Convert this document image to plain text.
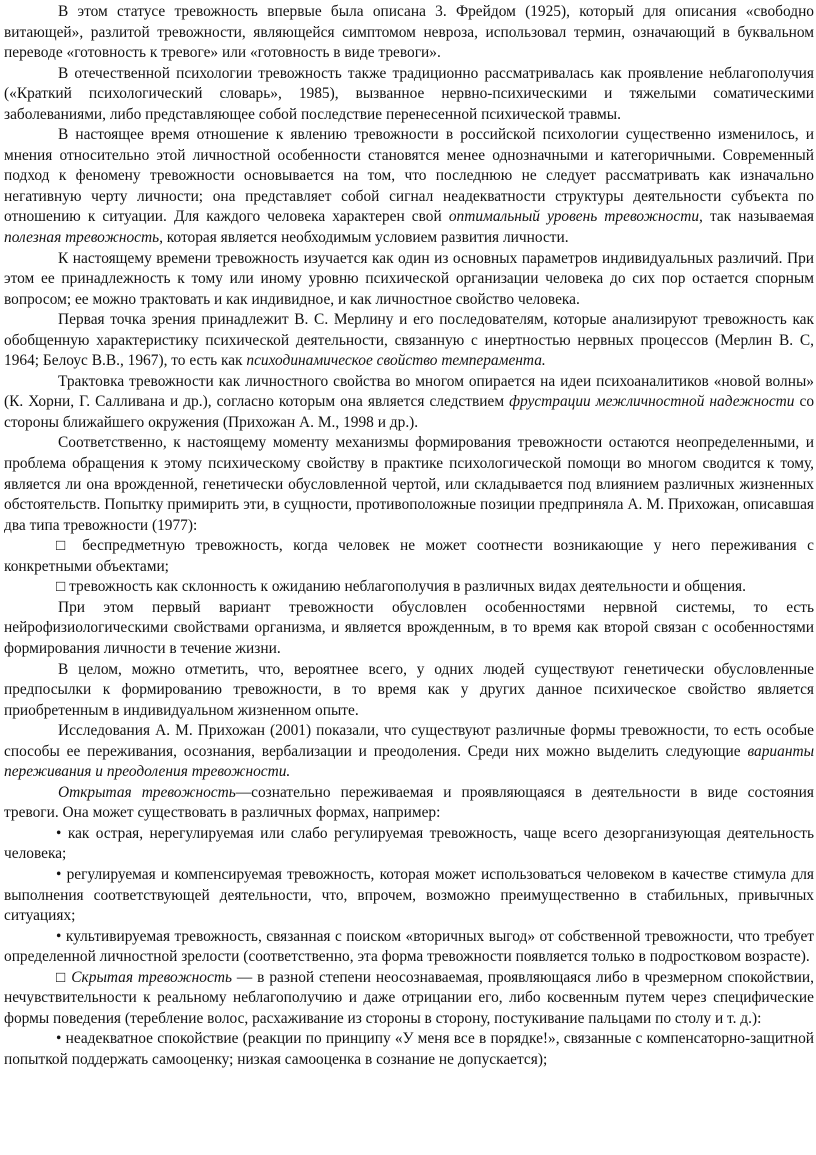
В этом статусе тревожность впервые была описана 3. Фрейдом (1925), который для описания «свободно витающей», разлитой тревожности, являющейся симптомом невроза, использовал термин, означающий в буквальном переводе «готовность к тревоге» или «готовность в виде тревоги».

В отечественной психологии тревожность также традиционно рассматривалась как проявление неблагополучия («Краткий психологический словарь», 1985), вызванное нервно-психическими и тяжелыми соматическими заболеваниями, либо представляющее собой последствие перенесенной психической травмы.

В настоящее время отношение к явлению тревожности в российской психологии существенно изменилось, и мнения относительно этой личностной особенности становятся менее однозначными и категоричными. Современный подход к феномену тревожности основывается на том, что последнюю не следует рассматривать как изначально негативную черту личности; она представляет собой сигнал неадекватности структуры деятельности субъекта по отношению к ситуации. Для каждого человека характерен свой оптимальный уровень тревожности, так называемая полезная тревожность, которая является необходимым условием развития личности.

К настоящему времени тревожность изучается как один из основных параметров индивидуальных различий. При этом ее принадлежность к тому или иному уровню психической организации человека до сих пор остается спорным вопросом; ее можно трактовать и как индивидное, и как личностное свойство человека.

Первая точка зрения принадлежит В. С. Мерлину и его последователям, которые анализируют тревожность как обобщенную характеристику психической деятельности, связанную с инертностью нервных процессов (Мерлин В. С, 1964; Белоус В.В., 1967), то есть как психодинамическое свойство темперамента.

Трактовка тревожности как личностного свойства во многом опирается на идеи психоаналитиков «новой волны» (К. Хорни, Г. Салливана и др.), согласно которым она является следствием фрустрации межличностной надежности со стороны ближайшего окружения (Прихожан А. М., 1998 и др.).

Соответственно, к настоящему моменту механизмы формирования тревожности остаются неопределенными, и проблема обращения к этому психическому свойству в практике психологической помощи во многом сводится к тому, является ли она врожденной, генетически обусловленной чертой, или складывается под влиянием различных жизненных обстоятельств. Попытку примирить эти, в сущности, противоположные позиции предприняла А. М. Прихожан, описавшая два типа тревожности (1977):

□ беспредметную тревожность, когда человек не может соотнести возникающие у него переживания с конкретными объектами;

□ тревожность как склонность к ожиданию неблагополучия в различных видах деятельности и общения.

При этом первый вариант тревожности обусловлен особенностями нервной системы, то есть нейрофизиологическими свойствами организма, и является врожденным, в то время как второй связан с особенностями формирования личности в течение жизни.

В целом, можно отметить, что, вероятнее всего, у одних людей существуют генетически обусловленные предпосылки к формированию тревожности, в то время как у других данное психическое свойство является приобретенным в индивидуальном жизненном опыте.

Исследования А. М. Прихожан (2001) показали, что существуют различные формы тревожности, то есть особые способы ее переживания, осознания, вербализации и преодоления. Среди них можно выделить следующие варианты переживания и преодоления тревожности.

Открытая тревожность—сознательно переживаемая и проявляющаяся в деятельности в виде состояния тревоги. Она может существовать в различных формах, например:

• как острая, нерегулируемая или слабо регулируемая тревожность, чаще всего дезорганизующая деятельность человека;

• регулируемая и компенсируемая тревожность, которая может использоваться человеком в качестве стимула для выполнения соответствующей деятельности, что, впрочем, возможно преимущественно в стабильных, привычных ситуациях;

• культивируемая тревожность, связанная с поиском «вторичных выгод» от собственной тревожности, что требует определенной личностной зрелости (соответственно, эта форма тревожности появляется только в подростковом возрасте).

□ Скрытая тревожность — в разной степени неосознаваемая, проявляющаяся либо в чрезмерном спокойствии, нечувствительности к реальному неблагополучию и даже отрицании его, либо косвенным путем через специфические формы поведения (теребление волос, расхаживание из стороны в сторону, постукивание пальцами по столу и т. д.):

• неадекватное спокойствие (реакции по принципу «У меня все в порядке!», связанные с компенсаторно-защитной попыткой поддержать самооценку; низкая самооценка в сознание не допускается);
